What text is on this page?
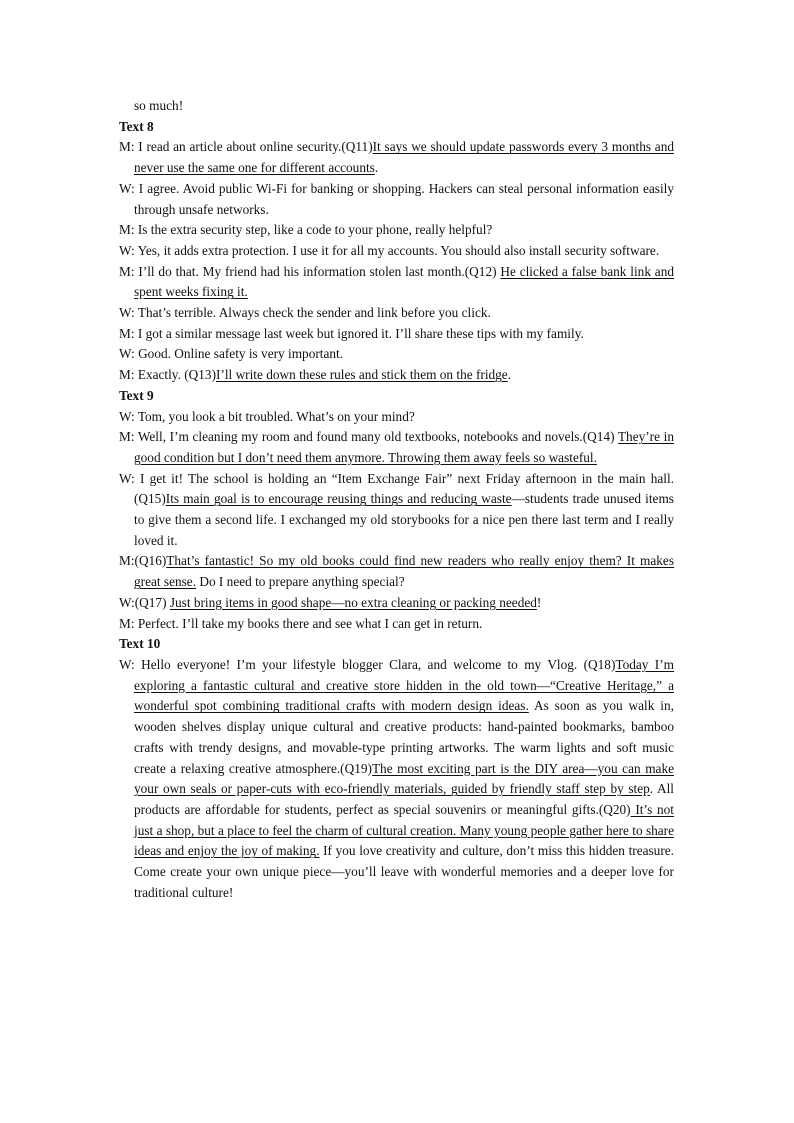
so much!

Text 8

M: I read an article about online security.(Q11)It says we should update passwords every 3 months and never use the same one for different accounts.

W: I agree. Avoid public Wi-Fi for banking or shopping. Hackers can steal personal information easily through unsafe networks.

M: Is the extra security step, like a code to your phone, really helpful?

W: Yes, it adds extra protection. I use it for all my accounts. You should also install security software.

M: I’ll do that. My friend had his information stolen last month.(Q12) He clicked a false bank link and spent weeks fixing it.

W: That’s terrible. Always check the sender and link before you click.

M: I got a similar message last week but ignored it. I’ll share these tips with my family.

W: Good. Online safety is very important.

M: Exactly. (Q13)I’ll write down these rules and stick them on the fridge.

Text 9

W: Tom, you look a bit troubled. What’s on your mind?

M: Well, I’m cleaning my room and found many old textbooks, notebooks and novels.(Q14) They’re in good condition but I don’t need them anymore. Throwing them away feels so wasteful.

W: I get it! The school is holding an “Item Exchange Fair” next Friday afternoon in the main hall. (Q15)Its main goal is to encourage reusing things and reducing waste—students trade unused items to give them a second life. I exchanged my old storybooks for a nice pen there last term and I really loved it.

M:(Q16)That’s fantastic! So my old books could find new readers who really enjoy them? It makes great sense. Do I need to prepare anything special?

W:(Q17) Just bring items in good shape—no extra cleaning or packing needed!

M: Perfect. I’ll take my books there and see what I can get in return.

Text 10

W: Hello everyone! I’m your lifestyle blogger Clara, and welcome to my Vlog. (Q18)Today I’m exploring a fantastic cultural and creative store hidden in the old town—“Creative Heritage,” a wonderful spot combining traditional crafts with modern design ideas. As soon as you walk in, wooden shelves display unique cultural and creative products: hand-painted bookmarks, bamboo crafts with trendy designs, and movable-type printing artworks. The warm lights and soft music create a relaxing creative atmosphere.(Q19)The most exciting part is the DIY area—you can make your own seals or paper-cuts with eco-friendly materials, guided by friendly staff step by step. All products are affordable for students, perfect as special souvenirs or meaningful gifts.(Q20) It’s not just a shop, but a place to feel the charm of cultural creation. Many young people gather here to share ideas and enjoy the joy of making. If you love creativity and culture, don’t miss this hidden treasure. Come create your own unique piece—you’ll leave with wonderful memories and a deeper love for traditional culture!
